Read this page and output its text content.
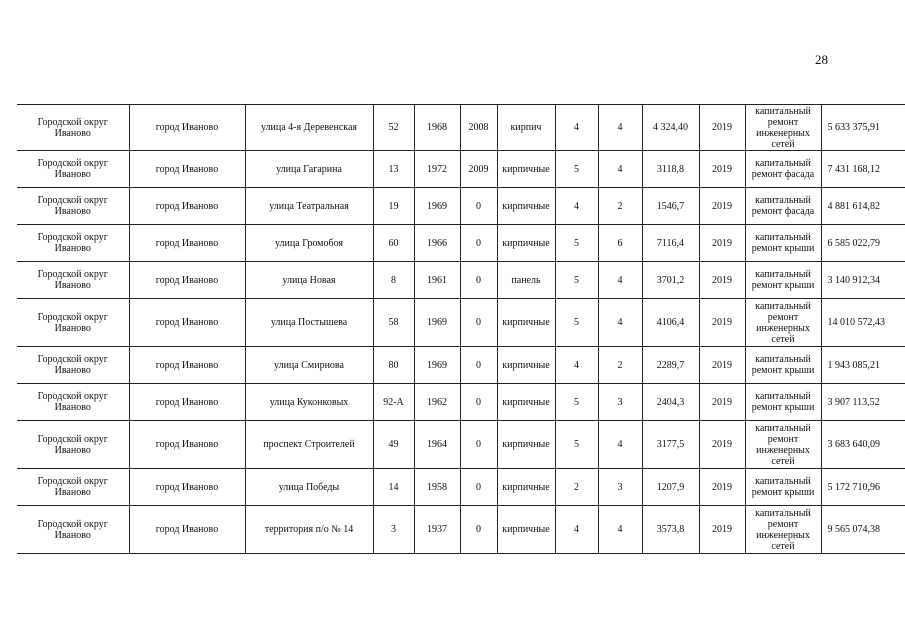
28
Городской округ Иваново	город Иваново	улица 4-я Деревенская	52	1968	2008	кирпич	4	4	4 324,40	2019	капитальный ремонт инженерных сетей	5 633 375,91
Городской округ Иваново	город Иваново	улица Гагарина	13	1972	2009	кирпичные	5	4	3118,8	2019	капитальный ремонт фасада	7 431 168,12
Городской округ Иваново	город Иваново	улица Театральная	19	1969	0	кирпичные	4	2	1546,7	2019	капитальный ремонт фасада	4 881 614,82
Городской округ Иваново	город Иваново	улица Громобоя	60	1966	0	кирпичные	5	6	7116,4	2019	капитальный ремонт крыши	6 585 022,79
Городской округ Иваново	город Иваново	улица Новая	8	1961	0	панель	5	4	3701,2	2019	капитальный ремонт крыши	3 140 912,34
Городской округ Иваново	город Иваново	улица Постышева	58	1969	0	кирпичные	5	4	4106,4	2019	капитальный ремонт инженерных сетей	14 010 572,43
Городской округ Иваново	город Иваново	улица Смирнова	80	1969	0	кирпичные	4	2	2289,7	2019	капитальный ремонт крыши	1 943 085,21
Городской округ Иваново	город Иваново	улица Куконковых	92-А	1962	0	кирпичные	5	3	2404,3	2019	капитальный ремонт крыши	3 907 113,52
Городской округ Иваново	город Иваново	проспект Строителей	49	1964	0	кирпичные	5	4	3177,5	2019	капитальный ремонт инженерных сетей	3 683 640,09
Городской округ Иваново	город Иваново	улица Победы	14	1958	0	кирпичные	2	3	1207,9	2019	капитальный ремонт крыши	5 172 710,96
Городской округ Иваново	город Иваново	территория п/о № 14	3	1937	0	кирпичные	4	4	3573,8	2019	капитальный ремонт инженерных сетей	9 565 074,38
